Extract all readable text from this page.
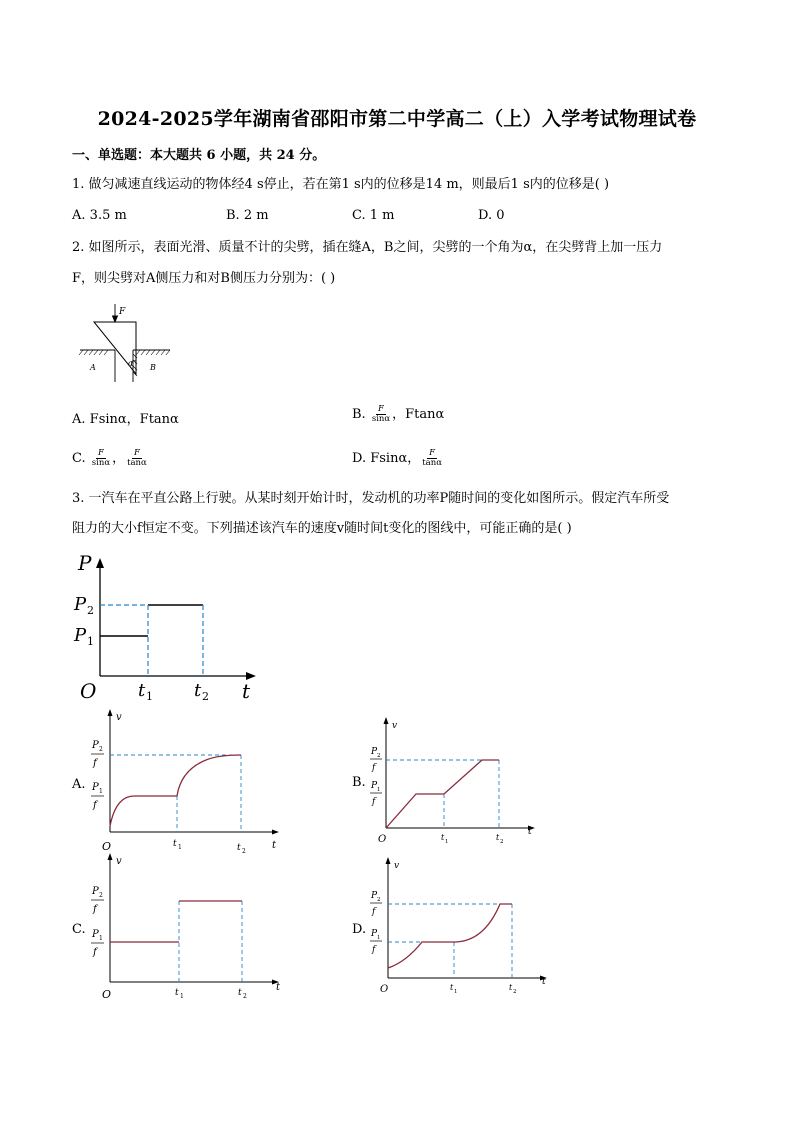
2024-2025学年湖南省邵阳市第二中学高二（上）入学考试物理试卷
一、单选题：本大题共 6 小题，共 24 分。
1. 做匀减速直线运动的物体经4 s停止，若在第1 s内的位移是14 m，则最后1 s内的位移是( )
A. 3.5 m	B. 2 m	C. 1 m	D. 0
2. 如图所示，表面光滑、质量不计的尖劈，插在缝A，B之间，尖劈的一个角为α，在尖劈背上加一压力
F，则尖劈对A侧压力和对B侧压力分别为：( )
F
A	B
α
A. Fsinα，Ftanα	B. $\frac{F}{\sin\alpha}$ ，Ftanα
C. $\frac{F}{\sin\alpha}$ ， $\frac{F}{\tan\alpha}$	D. Fsinα， $\frac{F}{\tan\alpha}$
3. 一汽车在平直公路上行驶。从某时刻开始计时，发动机的功率P随时间的变化如图所示。假定汽车所受
阻力的大小f恒定不变。下列描述该汽车的速度v随时间t变化的图线中，可能正确的是( )
P
t
O
P 2
P 1
t 1 t 2
A.
v
t
O
P 2
f
P 1
f
t 1	t 2
B.
v
t
O
P 2
f
P 1
f
t 1	t 2
C.
v
t
O
P 2
f
P 1
f
t 1	t 2
D.
v
t
O
P 2
f
P 1
f
t 1	t 2
